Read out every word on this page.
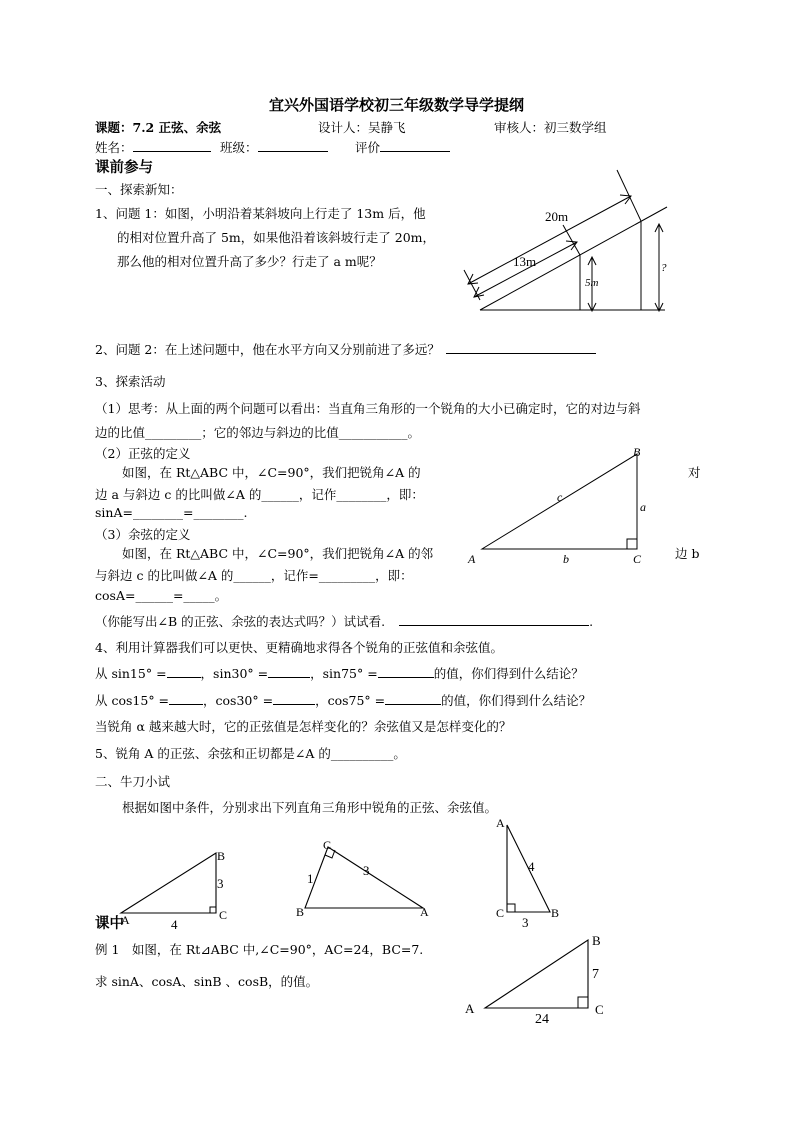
宜兴外国语学校初三年级数学导学提纲
课题：7.2 正弦、余弦	设计人：吴静飞	审核人：初三数学组
姓名：	班级：	评价
课前参与
一、探索新知：
1、问题 1：如图，小明沿着某斜坡向上行走了 13m 后，他
的相对位置升高了 5m，如果他沿着该斜坡行走了 20m，
那么他的相对位置升高了多少？行走了 a m呢？
20m
13m
5m
?
2、问题 2：在上述问题中，他在水平方向又分别前进了多远？
3、探索活动
（1）思考：从上面的两个问题可以看出：当直角三角形的一个锐角的大小已确定时，它的对边与斜
边的比值_________；它的邻边与斜边的比值___________。
（2）正弦的定义
如图，在 Rt△ABC 中，∠C=90°，我们把锐角∠A 的	对
边 a 与斜边 c 的比叫做∠A 的______，记作________，即：
sinA=________=________.
（3）余弦的定义
如图，在 Rt△ABC 中，∠C=90°，我们把锐角∠A 的邻	边 b
与斜边 c 的比叫做∠A 的______，记作=_________，即：
cosA=______=_____。
A
B
C
a
b
c
（你能写出∠B 的正弦、余弦的表达式吗？）试试看.	.
4、利用计算器我们可以更快、更精确地求得各个锐角的正弦值和余弦值。
从 sin15° =	，sin30° =	，sin75° =	的值，你们得到什么结论？
从 cos15° =	，cos30° =	，cos75° =	的值，你们得到什么结论？
当锐角 α 越来越大时，它的正弦值是怎样变化的？余弦值又是怎样变化的？
5、锐角 A 的正弦、余弦和正切都是∠A 的__________。
二、牛刀小试
根据如图中条件，分别求出下列直角三角形中锐角的正弦、余弦值。
A
B
C
3
4
课中
C
B	A
1
3
A
C	B
4
3
例 1　如图，在 Rt⊿ABC 中,∠C=90°，AC=24，BC=7.
求 sinA、cosA、sinB 、cosB，的值。
A
B
C
7
24
